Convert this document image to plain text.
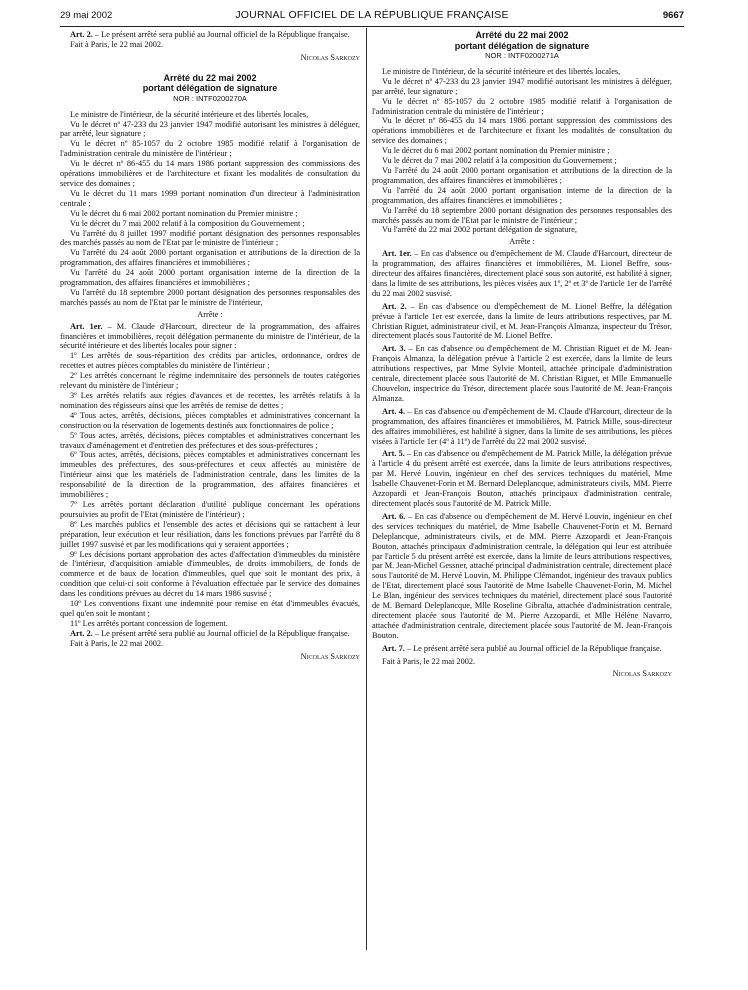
29 mai 2002	JOURNAL OFFICIEL DE LA RÉPUBLIQUE FRANÇAISE	9667

Art. 2. – Le présent arrêté sera publié au Journal officiel de la République française.

Fait à Paris, le 22 mai 2002.

Nicolas Sarkozy

Arrêté du 22 mai 2002
portant délégation de signature
NOR : INTF0200270A

Le ministre de l'intérieur, de la sécurité intérieure et des libertés locales,

Vu le décret nº 47-233 du 23 janvier 1947 modifié autorisant les ministres à déléguer, par arrêté, leur signature ;

Vu le décret nº 85-1057 du 2 octobre 1985 modifié relatif à l'organisation de l'administration centrale du ministère de l'intérieur ;

Vu le décret nº 86-455 du 14 mars 1986 portant suppression des commissions des opérations immobilières et de l'architecture et fixant les modalités de consultation du service des domaines ;

Vu le décret du 11 mars 1999 portant nomination d'un directeur à l'administration centrale ;

Vu le décret du 6 mai 2002 portant nomination du Premier ministre ;

Vu le décret du 7 mai 2002 relatif à la composition du Gouvernement ;

Vu l'arrêté du 8 juillet 1997 modifié portant désignation des personnes responsables des marchés passés au nom de l'Etat par le ministre de l'intérieur ;

Vu l'arrêté du 24 août 2000 portant organisation et attributions de la direction de la programmation, des affaires financières et immobilières ;

Vu l'arrêté du 24 août 2000 portant organisation interne de la direction de la programmation, des affaires financières et immobilières ;

Vu l'arrêté du 18 septembre 2000 portant désignation des personnes responsables des marchés passés au nom de l'Etat par le ministre de l'intérieur,

Arrête :

Art. 1er. – M. Claude d'Harcourt, directeur de la programmation, des affaires financières et immobilières, reçoit délégation permanente du ministre de l'intérieur, de la sécurité intérieure et des libertés locales pour signer :

1º Les arrêtés de sous-répartition des crédits par articles, ordonnance, ordres de recettes et autres pièces comptables du ministère de l'intérieur ;

2º Les arrêtés concernant le régime indemnitaire des personnels de toutes catégories relevant du ministère de l'intérieur ;

3º Les arrêtés relatifs aux régies d'avances et de recettes, les arrêtés relatifs à la nomination des régisseurs ainsi que les arrêtés de remise de dettes ;

4º Tous actes, arrêtés, décisions, pièces comptables et administratives concernant la construction ou la réservation de logements destinés aux fonctionnaires de police ;

5º Tous actes, arrêtés, décisions, pièces comptables et administratives concernant les travaux d'aménagement et d'entretien des préfectures et des sous-préfectures ;

6º Tous actes, arrêtés, décisions, pièces comptables et administratives concernant les immeubles des préfectures, des sous-préfectures et ceux affectés au ministère de l'intérieur ainsi que les matériels de l'administration centrale, dans les limites de la responsabilité de la direction de la programmation, des affaires financières et immobilières ;

7º Les arrêtés portant déclaration d'utilité publique concernant les opérations poursuivies au profit de l'Etat (ministère de l'intérieur) ;

8º Les marchés publics et l'ensemble des actes et décisions qui se rattachent à leur préparation, leur exécution et leur résiliation, dans les fonctions prévues par l'arrêté du 8 juillet 1997 susvisé et par les modifications qui y seraient apportées ;

9º Les décisions portant approbation des actes d'affectation d'immeubles du ministère de l'intérieur, d'acquisition amiable d'immeubles, de droits immobiliers, de fonds de commerce et de baux de location d'immeubles, quel que soit le montant des prix, à condition que celui-ci soit conforme à l'évaluation effectuée par le service des domaines dans les conditions prévues au décret du 14 mars 1986 susvisé ;

10º Les conventions fixant une indemnité pour remise en état d'immeubles évacués, quel qu'en soit le montant ;

11º Les arrêtés portant concession de logement.

Art. 2. – Le présent arrêté sera publié au Journal officiel de la République française.

Fait à Paris, le 22 mai 2002.

Nicolas Sarkozy

Arrêté du 22 mai 2002
portant délégation de signature
NOR : INTF0200271A

Le ministre de l'intérieur, de la sécurité intérieure et des libertés locales,

Vu le décret nº 47-233 du 23 janvier 1947 modifié autorisant les ministres à déléguer, par arrêté, leur signature ;

Vu le décret nº 85-1057 du 2 octobre 1985 modifié relatif à l'organisation de l'administration centrale du ministère de l'intérieur ;

Vu le décret nº 86-455 du 14 mars 1986 portant suppression des commissions des opérations immobilières et de l'architecture et fixant les modalités de consultation du service des domaines ;

Vu le décret du 6 mai 2002 portant nomination du Premier ministre ;

Vu le décret du 7 mai 2002 relatif à la composition du Gouvernement ;

Vu l'arrêté du 24 août 2000 portant organisation et attributions de la direction de la programmation, des affaires financières et immobilières ;

Vu l'arrêté du 24 août 2000 portant organisation interne de la direction de la programmation, des affaires financières et immobilières ;

Vu l'arrêté du 18 septembre 2000 portant désignation des personnes responsables des marchés passés au nom de l'Etat par le ministre de l'intérieur ;

Vu l'arrêté du 22 mai 2002 portant délégation de signature,

Arrête :

Art. 1er. – En cas d'absence ou d'empêchement de M. Claude d'Harcourt, directeur de la programmation, des affaires financières et immobilières, M. Lionel Beffre, sous-directeur des affaires financières, directement placé sous son autorité, est habilité à signer, dans la limite de ses attributions, les pièces visées aux 1º, 2º et 3º de l'article 1er de l'arrêté du 22 mai 2002 susvisé.

Art. 2. – En cas d'absence ou d'empêchement de M. Lionel Beffre, la délégation prévue à l'article 1er est exercée, dans la limite de leurs attributions respectives, par M. Christian Riguet, administrateur civil, et M. Jean-François Almanza, inspecteur du Trésor, directement placés sous l'autorité de M. Lionel Beffre.

Art. 3. – En cas d'absence ou d'empêchement de M. Christian Riguet et de M. Jean-François Almanza, la délégation prévue à l'article 2 est exercée, dans la limite de leurs attributions respectives, par Mme Sylvie Monteil, attachée principale d'administration centrale, directement placée sous l'autorité de M. Christian Riguet, et Mlle Emmanuelle Chouvelon, inspectrice du Trésor, directement placée sous l'autorité de M. Jean-François Almanza.

Art. 4. – En cas d'absence ou d'empêchement de M. Claude d'Harcourt, directeur de la programmation, des affaires financières et immobilières, M. Patrick Mille, sous-directeur des affaires immobilières, est habilité à signer, dans la limite de ses attributions, les pièces visées à l'article 1er (4º à 11º) de l'arrêté du 22 mai 2002 susvisé.

Art. 5. – En cas d'absence ou d'empêchement de M. Patrick Mille, la délégation prévue à l'article 4 du présent arrêté est exercée, dans la limite de leurs attributions respectives, par M. Hervé Louvin, ingénieur en chef des services techniques du matériel, Mme Isabelle Chauvenet-Forin et M. Bernard Deleplancque, administrateurs civils, MM. Pierre Azzopardi et Jean-François Bouton, attachés principaux d'administration centrale, directement placés sous l'autorité de M. Patrick Mille.

Art. 6. – En cas d'absence ou d'empêchement de M. Hervé Louvin, ingénieur en chef des services techniques du matériel, de Mme Isabelle Chauvenet-Forin et M. Bernard Deleplancque, administrateurs civils, et de MM. Pierre Azzopardi et Jean-François Bouton, attachés principaux d'administration centrale, la délégation qui leur est attribuée par l'article 5 du présent arrêté est exercée, dans la limite de leurs attributions respectives, par M. Jean-Michel Gessner, attaché principal d'administration centrale, directement placé sous l'autorité de M. Hervé Louvin, M. Philippe Clémandot, ingénieur des travaux publics de l'Etat, directement placé sous l'autorité de Mme Isabelle Chauvenet-Forin, M. Michel Le Blan, ingénieur des services techniques du matériel, directement placé sous l'autorité de M. Bernard Deleplancque, Mlle Roseline Gibralta, attachée d'administration centrale, directement placée sous l'autorité de M. Pierre Azzopardi, et Mlle Hélène Navarro, attachée d'administration centrale, directement placée sous l'autorité de M. Jean-François Bouton.

Art. 7. – Le présent arrêté sera publié au Journal officiel de la République française.

Fait à Paris, le 22 mai 2002.

Nicolas Sarkozy
